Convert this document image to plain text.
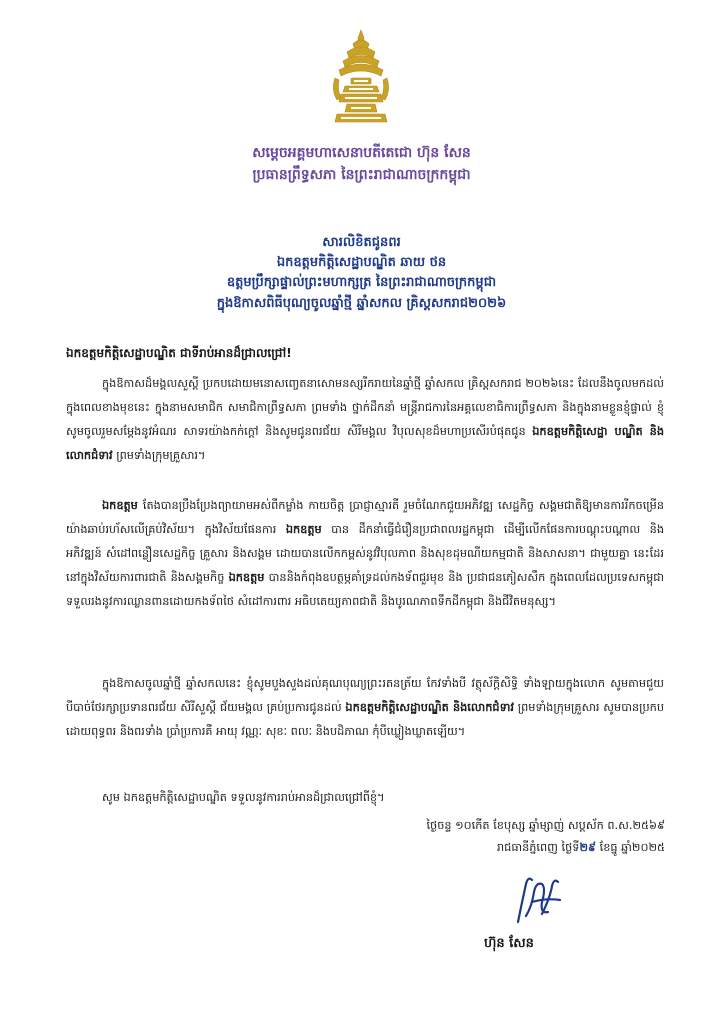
សម្តេចអគ្គមហាសេនាបតីតេជោ ហ៊ុន សែន
ប្រធានព្រឹទ្ធសភា នៃព្រះរាជាណាចក្រកម្ពុជា
សារលិខិតជូនពរ
ឯកឧត្តមកិត្តិសេដ្ឋាបណ្ឌិត ឆាយ ថន
ឧត្តមប្រឹក្សាផ្ទាល់ព្រះមហាក្សត្រ នៃព្រះរាជាណាចក្រកម្ពុជា
ក្នុងឱកាសពិធីបុណ្យចូលឆ្នាំថ្មី ឆ្នាំសកល គ្រិស្តសករាជ២០២៦
ឯកឧត្តមកិត្តិសេដ្ឋាបណ្ឌិត ជាទីរាប់អានដ៏ជ្រាលជ្រៅ!
ក្នុងឱកាសដ៏មង្គលសួស្តី ប្រកបដោយមនោសញ្ចេតនាសោមនស្សរីករាយនៃឆ្នាំថ្មី ឆ្នាំសកល គ្រិស្តសករាជ ២០២៦នេះ ដែលនឹងចូលមកដល់ក្នុងពេលខាងមុខនេះ ក្នុងនាមសមាជិក សមាជិកាព្រឹទ្ធសភា ព្រមទាំង ថ្នាក់ដឹកនាំ មន្ត្រីរាជការនៃអគ្គលេខាធិការព្រឹទ្ធសភា និងក្នុងនាមខ្លួនខ្ញុំផ្ទាល់ ខ្ញុំសូមចូលរួមសម្តែងនូវអំណរ សាទរយ៉ាងកក់ក្តៅ និងសូមជូនពរជ័យ សិរីមង្គល វិបុលសុខដ៏មហាប្រសើរបំផុតជូន ឯកឧត្តមកិត្តិសេដ្ឋា បណ្ឌិត និងលោកជំទាវ ព្រមទាំងក្រុមគ្រួសារ។
ឯកឧត្តម តែងបានប្រឹងប្រែងព្យាយាមអស់ពីកម្លាំង កាយចិត្ត ប្រាជ្ញាស្មារតី រួមចំណែកជួយអភិវឌ្ឍ សេដ្ឋកិច្ច សង្គមជាតិឱ្យមានការរីកចម្រើនយ៉ាងឆាប់រហ័សលើគ្រប់វិស័យ។ ក្នុងវិស័យផែនការ ឯកឧត្តម បាន ដឹកនាំធ្វើជំរឿនប្រជាពលរដ្ឋកម្ពុជា ដើម្បីលើកផែនការបណ្តុះបណ្តាល និងអភិវឌ្ឍន៍ សំដៅពន្លឿនសេដ្ឋកិច្ច គ្រួសារ និងសង្គម ដោយបានលើកកម្ពស់នូវវិបុលភាព និងសុខដុមណីយកម្មជាតិ និងសាសនា។ ជាមួយគ្នា នេះដែរ នៅក្នុងវិស័យការពារជាតិ និងសង្គមកិច្ច ឯកឧត្តម បាននិងកំពុងឧបត្ថម្ភគាំទ្រដល់កងទ័ពជួរមុខ និង ប្រជាជនភៀសសឹក ក្នុងពេលដែលប្រទេសកម្ពុជាទទួលរងនូវការឈ្លានពានដោយកងទ័ពថៃ សំដៅការពារ អធិបតេយ្យភាពជាតិ និងបូរណភាពទឹកដីកម្ពុជា និងជីវិតមនុស្ស។
ក្នុងឱកាសចូលឆ្នាំថ្មី ឆ្នាំសកលនេះ ខ្ញុំសូមបួងសួងដល់គុណបុណ្យព្រះរតនត្រ័យ កែវទាំងបី វត្ថុស័ក្តិសិទ្ធិ ទាំងឡាយក្នុងលោក សូមតាមជួយបីបាច់ថែរក្សាប្រទានពរជ័យ សិរីសួស្តី ជ័យមង្គល គ្រប់ប្រការជូនដល់ ឯកឧត្តមកិត្តិសេដ្ឋាបណ្ឌិត និងលោកជំទាវ ព្រមទាំងក្រុមគ្រួសារ សូមបានប្រកបដោយពុទ្ធពរ និងពរទាំង ប្រាំប្រការគឺ អាយុ វណ្ណៈ សុខៈ ពលៈ និងបដិភាណ កុំបីឃ្លៀងឃ្លាតឡើយ។
សូម ឯកឧត្តមកិត្តិសេដ្ឋាបណ្ឌិត ទទួលនូវការរាប់អានដ៏ជ្រាលជ្រៅពីខ្ញុំ។
ថ្ងៃចន្ទ ១០កើត ខែបុស្ស ឆ្នាំម្សាញ់ សប្តស័ក ព.ស.២៥៦៩
រាជធានីភ្នំពេញ ថ្ងៃទី២៩ ខែធ្នូ ឆ្នាំ២០២៥
ហ៊ុន សែន
